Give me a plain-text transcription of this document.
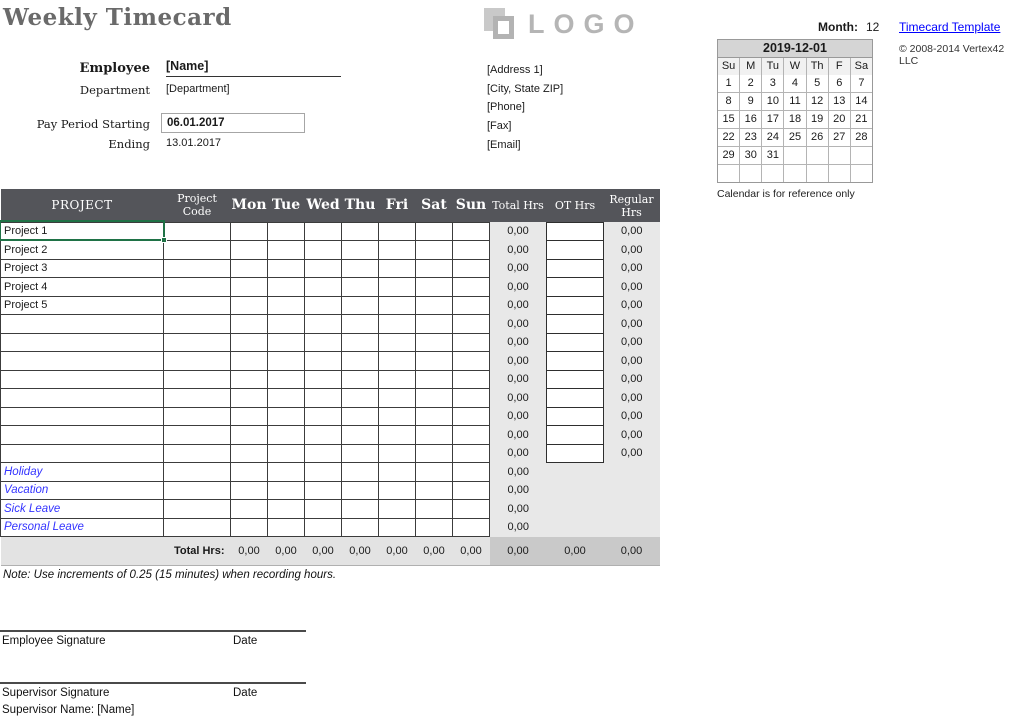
Weekly Timecard	LOGO	Month: 12 Timecard Template
© 2008-2014 Vertex42 LLC
2019-12-01
Su M	Tu W Th	F	Sa
1	2	3	4	5	6	7
8	9	10 11 12 13 14
15 16 17 18 19 20 21
22 23 24 25 26 27 28
29 30 31
Calendar is for reference only
Employee [Name]
Department [Department]
Pay Period Starting	06.01.2017
Ending 13.01.2017
[Address 1]
[City, State ZIP]
[Phone]
[Fax]
[Email]
PROJECT	Project Code	Mon	Tue	Wed	Thu	Fri	Sat	Sun	Total Hrs	OT Hrs	Regular Hrs
Project 1									0,00		0,00
Project 2									0,00		0,00
Project 3									0,00		0,00
Project 4									0,00		0,00
Project 5									0,00		0,00
									0,00		0,00
									0,00		0,00
									0,00		0,00
									0,00		0,00
									0,00		0,00
									0,00		0,00
									0,00		0,00
									0,00		0,00
Holiday									0,00		
Vacation									0,00		
Sick Leave									0,00		
Personal Leave									0,00		
Total Hrs:		0,00	0,00	0,00	0,00	0,00	0,00	0,00	0,00	0,00	0,00
Note: Use increments of 0.25 (15 minutes) when recording hours.
Employee Signature	Date
Supervisor Signature	Date
Supervisor Name: [Name]
